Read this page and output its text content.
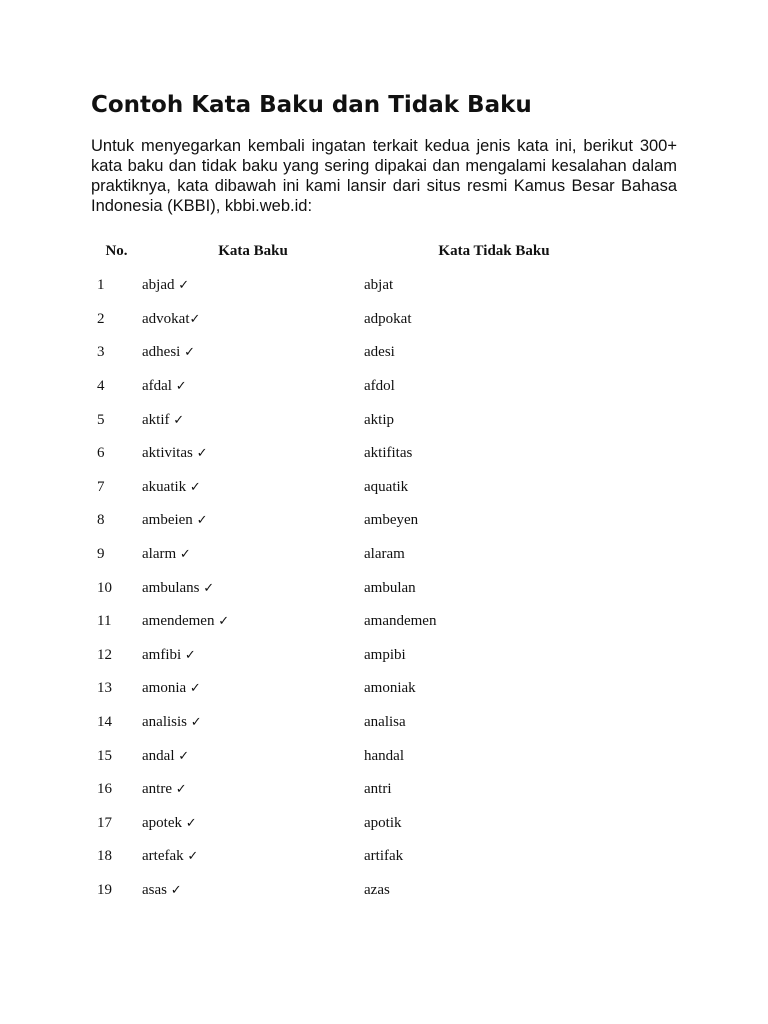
Contoh Kata Baku dan Tidak Baku

Untuk menyegarkan kembali ingatan terkait kedua jenis kata ini, berikut 300+ kata baku dan tidak baku yang sering dipakai dan mengalami kesalahan dalam praktiknya, kata dibawah ini kami lansir dari situs resmi Kamus Besar Bahasa Indonesia (KBBI), kbbi.web.id:

No.	Kata Baku	Kata Tidak Baku
1	abjad ✓	abjat
2	advokat✓	adpokat
3	adhesi ✓	adesi
4	afdal ✓	afdol
5	aktif ✓	aktip
6	aktivitas ✓	aktifitas
7	akuatik ✓	aquatik
8	ambeien ✓	ambeyen
9	alarm ✓	alaram
10	ambulans ✓	ambulan
11	amendemen ✓	amandemen
12	amfibi ✓	ampibi
13	amonia ✓	amoniak
14	analisis ✓	analisa
15	andal ✓	handal
16	antre ✓	antri
17	apotek ✓	apotik
18	artefak ✓	artifak
19	asas ✓	azas
